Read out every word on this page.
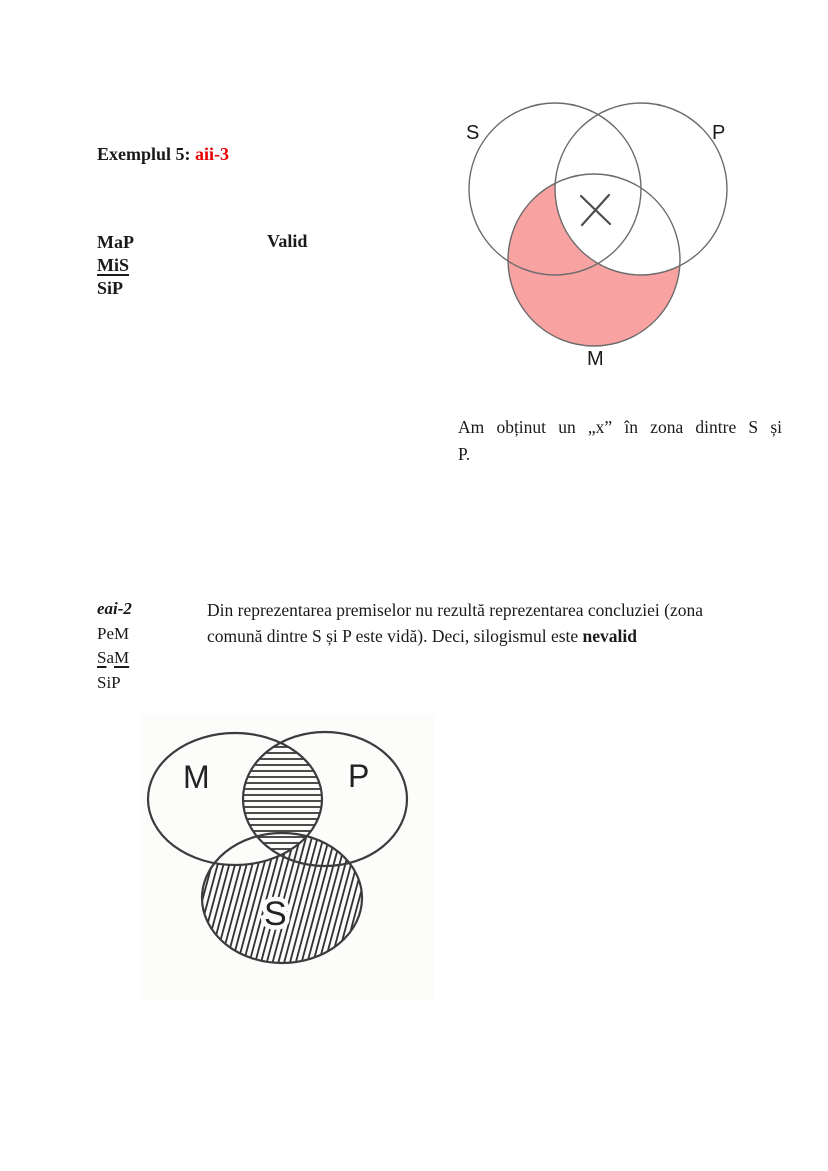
Exemplul 5: aii-3
MaP
MiS
SiP
Valid
S	P
M
Am obținut un „x” în zona dintre S și
P.
eai-2
PeM
SaM
SiP
Din reprezentarea premiselor nu rezultă reprezentarea concluziei (zona
comună dintre S și P este vidă). Deci, silogismul este nevalid
M	P
S
